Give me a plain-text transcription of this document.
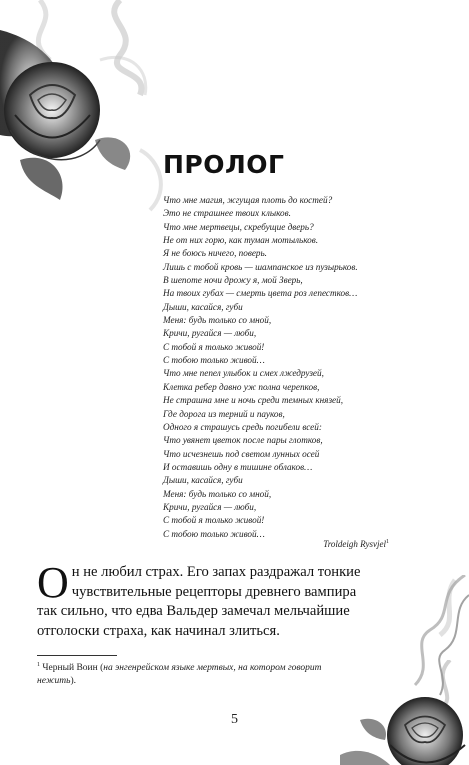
ПРОЛОГ
Что мне магия, жгущая плоть до костей?
Это не страшнее твоих клыков.
Что мне мертвецы, скребущие дверь?
Не от них горю, как туман мотыльков.
Я не боюсь ничего, поверь.
Лишь с тобой кровь — шампанское из пузырьков.
В шепоте ночи дрожу я, мой Зверь,
На твоих губах — смерть цвета роз лепестков…
Дыши, касайся, губи
Меня: будь только со мной,
Кричи, ругайся — люби,
С тобой я только живой!
С тобою только живой…
Что мне пепел улыбок и смех лжедрузей,
Клетка ребер давно уж полна черепков,
Не страшна мне и ночь среди темных князей,
Где дорога из терний и пауков,
Одного я страшусь средь погибели всей:
Что увянет цветок после пары глотков,
Что исчезнешь под светом лунных осей
И оставишь одну в тишине облаков…
Дыши, касайся, губи
Меня: будь только со мной,
Кричи, ругайся — люби,
С тобой я только живой!
С тобою только живой…
Troldeigh Rysvjel$^1$
О н не любил страх. Его запах раздражал тонкие
чувствительные рецепторы древнего вампира
так сильно, что едва Вальдер замечал мельчайшие
отголоски страха, как начинал злиться.
$^1$ Черный Воин (на энгенрейском языке мертвых, на котором говорит
нежить).
5
